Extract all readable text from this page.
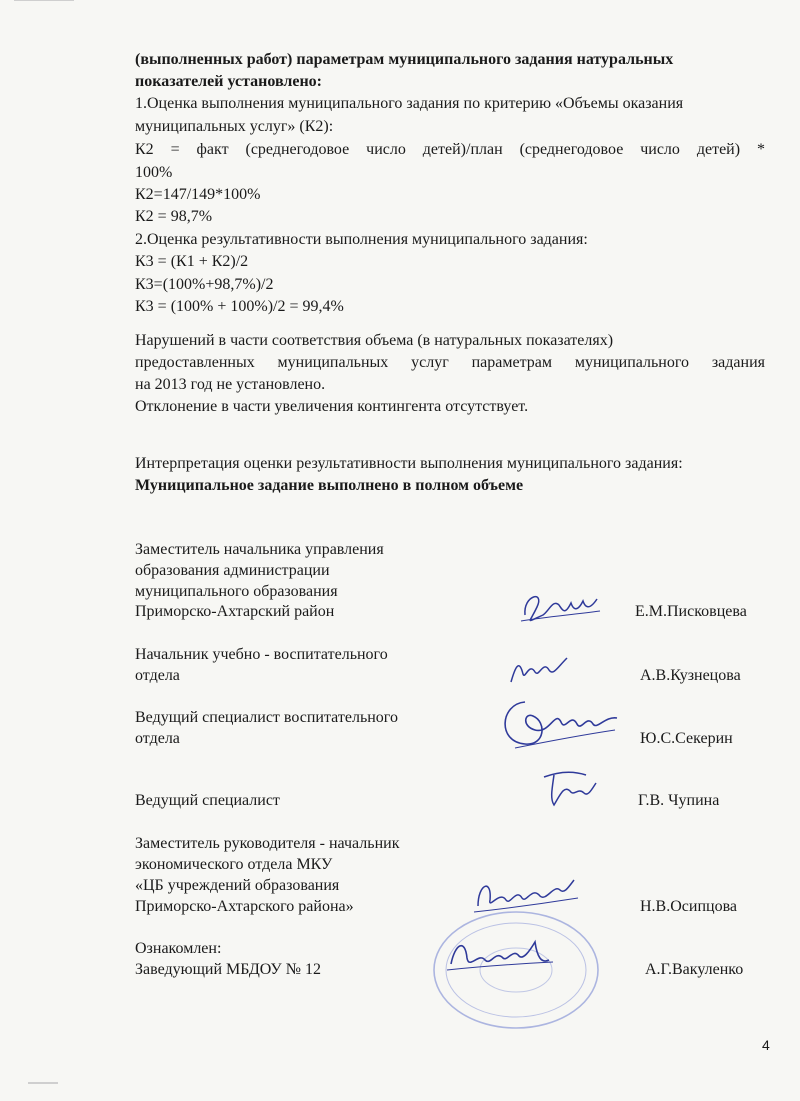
(выполненных работ) параметрам муниципального задания натуральных
показателей установлено:
1.Оценка выполнения муниципального задания по критерию «Объемы оказания
муниципальных услуг» (К2):
К2 = факт (среднегодовое число детей)/план (среднегодовое число детей) *
100%
К2=147/149*100%
К2 = 98,7%
2.Оценка результативности выполнения муниципального задания:
К3 = (К1 + К2)/2
К3=(100%+98,7%)/2
К3 = (100% + 100%)/2 = 99,4%
Нарушений в части соответствия объема (в натуральных показателях)
предоставленных муниципальных услуг параметрам муниципального задания
на 2013 год не установлено.
Отклонение в части увеличения контингента отсутствует.
Интерпретация оценки результативности выполнения муниципального задания:
Муниципальное задание выполнено в полном объеме
Заместитель начальника управления
образования администрации
муниципального образования
Приморско-Ахтарский район	Е.М.Писковцева
Начальник учебно - воспитательного
отдела	А.В.Кузнецова
Ведущий специалист воспитательного
отдела	Ю.С.Секерин
Ведущий специалист	Г.В. Чупина
Заместитель руководителя - начальник
экономического отдела МКУ
«ЦБ учреждений образования
Приморско-Ахтарского района»	Н.В.Осипцова
Ознакомлен:
Заведующий МБДОУ № 12	А.Г.Вакуленко
4
